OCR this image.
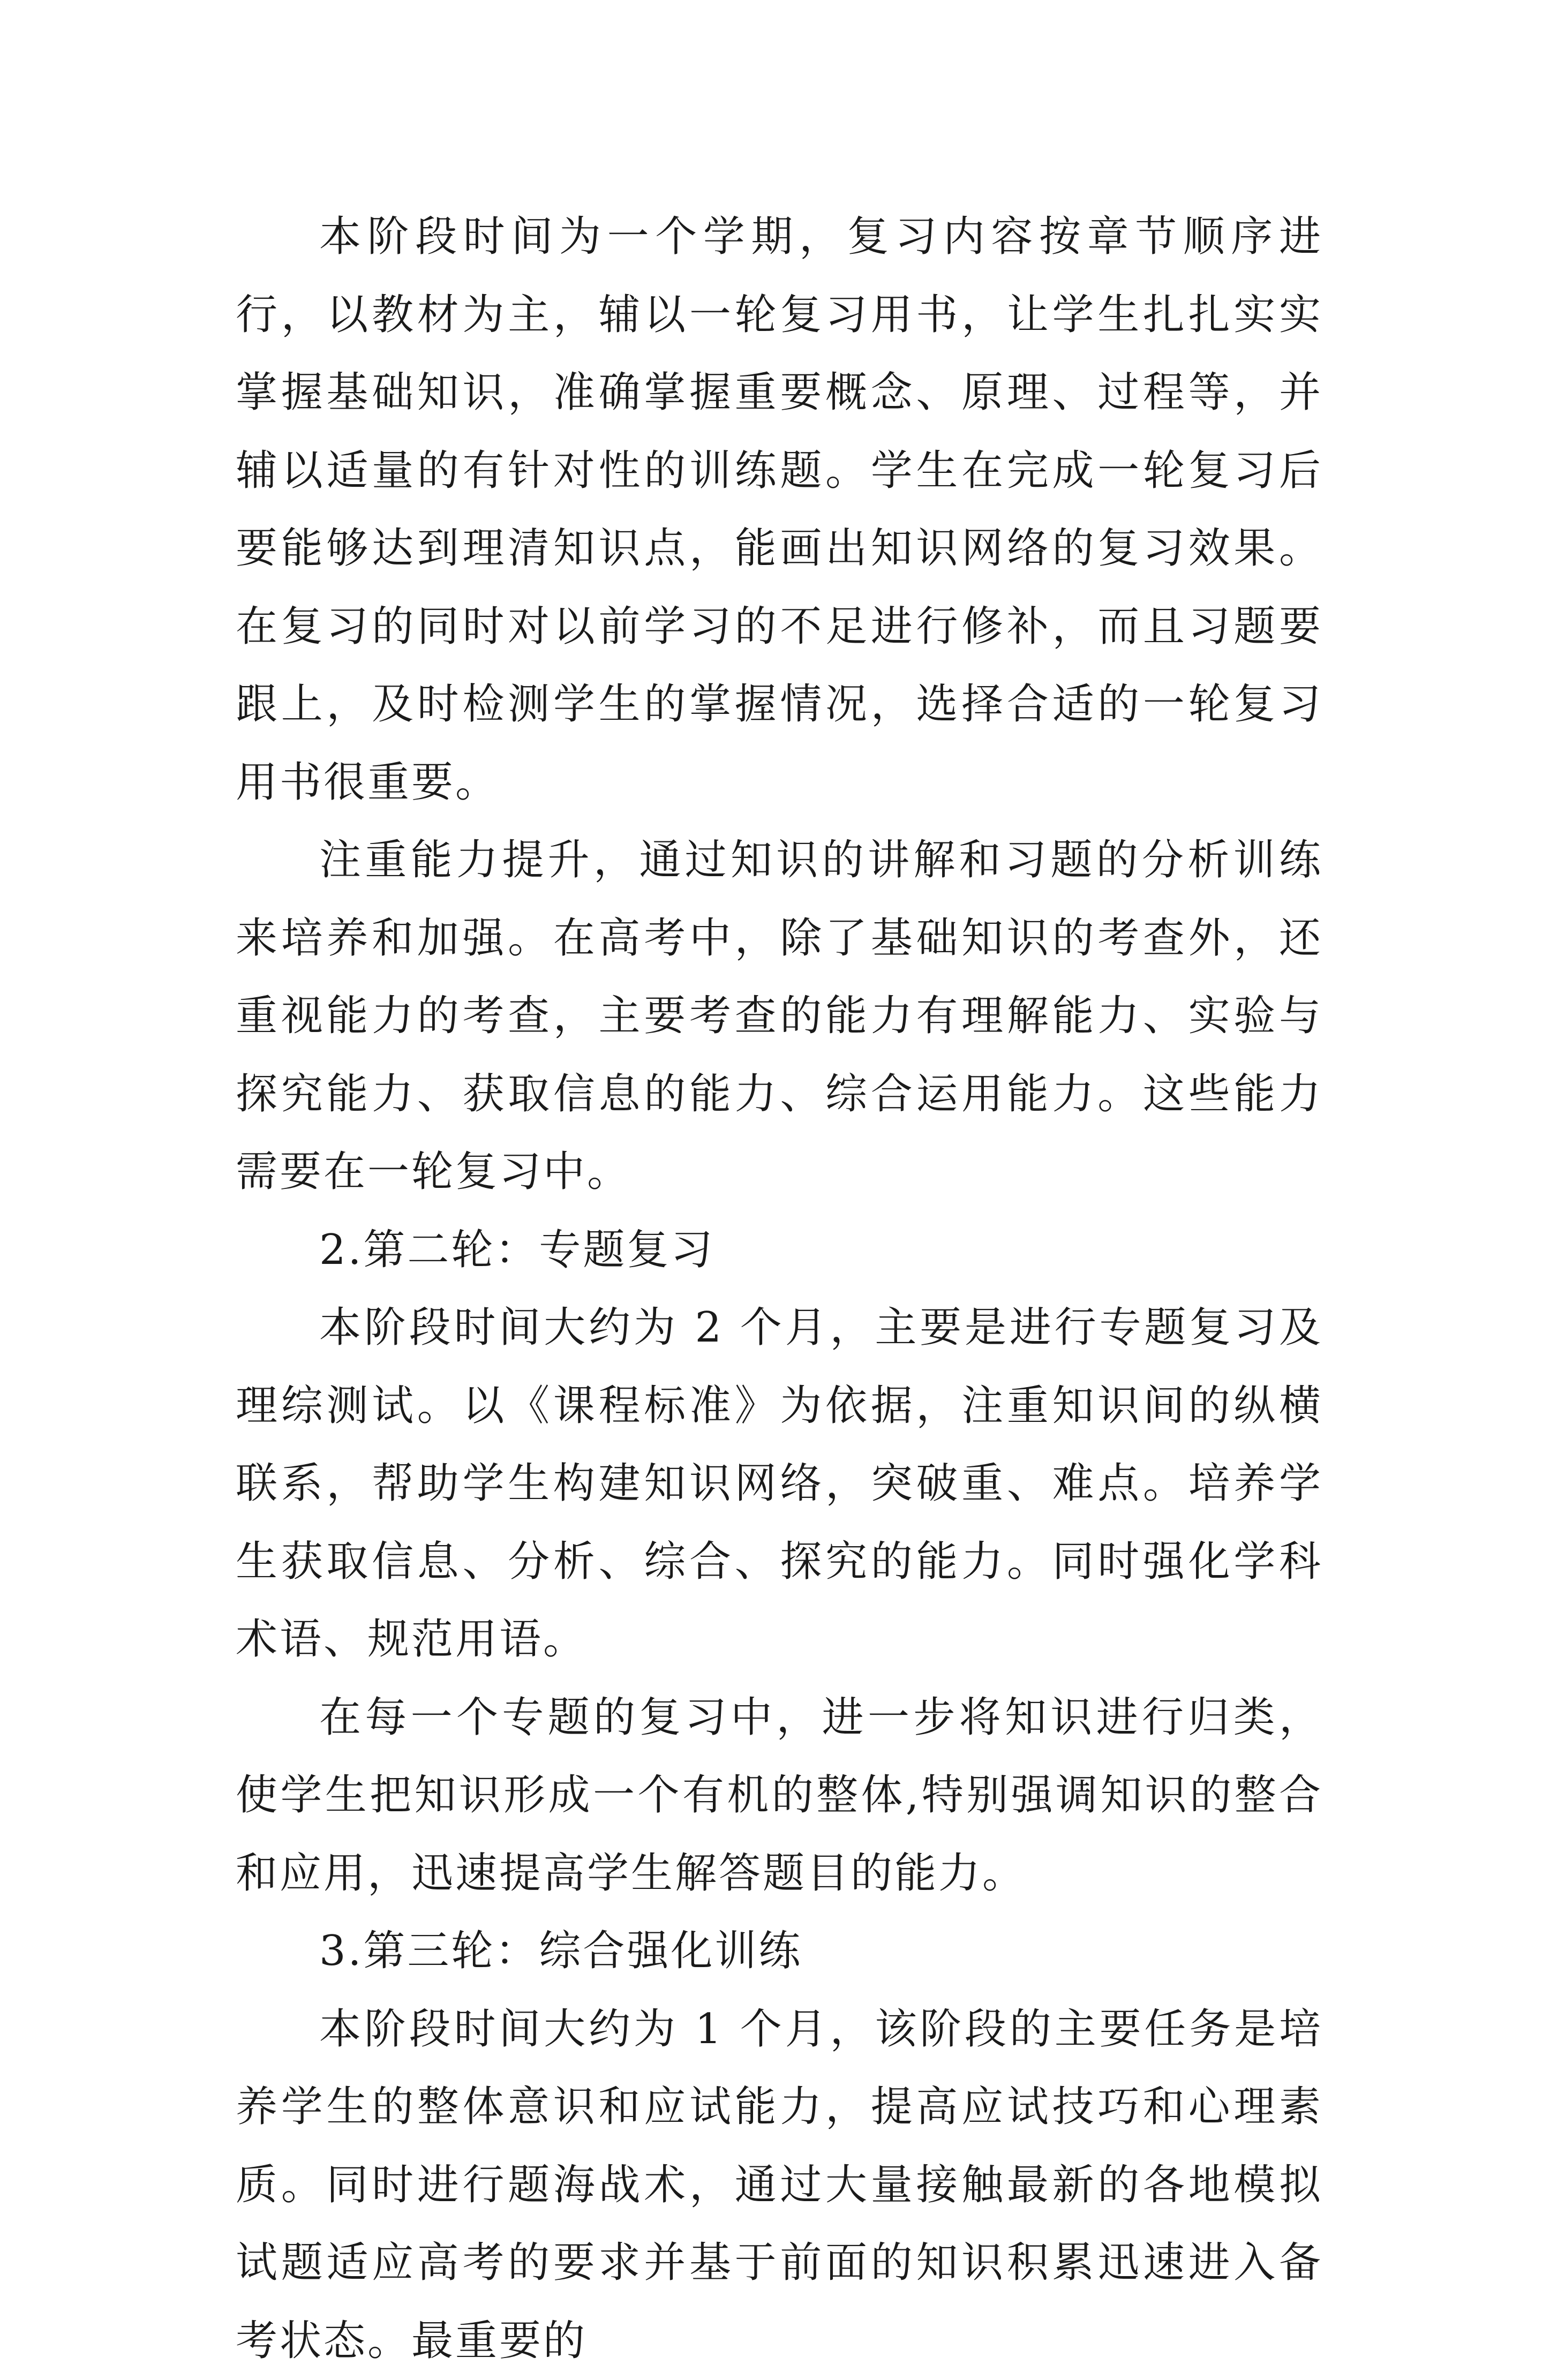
本阶段时间为一个学期，复习内容按章节顺序进行，以教材为主，辅以一轮复习用书，让学生扎扎实实掌握基础知识，准确掌握重要概念、原理、过程等，并辅以适量的有针对性的训练题。学生在完成一轮复习后要能够达到理清知识点，能画出知识网络的复习效果。在复习的同时对以前学习的不足进行修补，而且习题要跟上，及时检测学生的掌握情况，选择合适的一轮复习用书很重要。

注重能力提升，通过知识的讲解和习题的分析训练来培养和加强。在高考中，除了基础知识的考查外，还重视能力的考查，主要考查的能力有理解能力、实验与探究能力、获取信息的能力、综合运用能力。这些能力需要在一轮复习中。

2.第二轮：专题复习

本阶段时间大约为 2 个月，主要是进行专题复习及理综测试。以《课程标准》为依据，注重知识间的纵横联系，帮助学生构建知识网络，突破重、难点。培养学生获取信息、分析、综合、探究的能力。同时强化学科术语、规范用语。

在每一个专题的复习中，进一步将知识进行归类，使学生把知识形成一个有机的整体,特别强调知识的整合和应用，迅速提高学生解答题目的能力。

3.第三轮：综合强化训练

本阶段时间大约为 1 个月，该阶段的主要任务是培养学生的整体意识和应试能力，提高应试技巧和心理素质。同时进行题海战术，通过大量接触最新的各地模拟试题适应高考的要求并基于前面的知识积累迅速进入备考状态。最重要的
